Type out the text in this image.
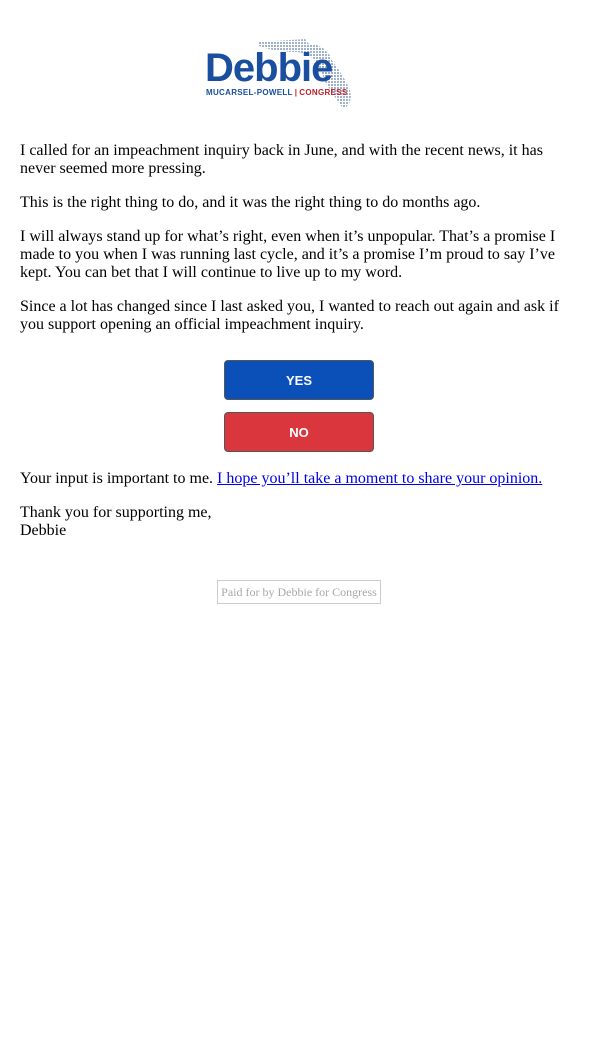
Debbie
MUCARSEL-POWELL | CONGRESS

I called for an impeachment inquiry back in June, and with the recent news, it has never seemed more pressing.

This is the right thing to do, and it was the right thing to do months ago.

I will always stand up for what’s right, even when it’s unpopular. That’s a promise I made to you when I was running last cycle, and it’s a promise I’m proud to say I’ve kept. You can bet that I will continue to live up to my word.

Since a lot has changed since I last asked you, I wanted to reach out again and ask if you support opening an official impeachment inquiry.

YES
NO

Your input is important to me. I hope you’ll take a moment to share your opinion.

Thank you for supporting me,
Debbie

Paid for by Debbie for Congress
